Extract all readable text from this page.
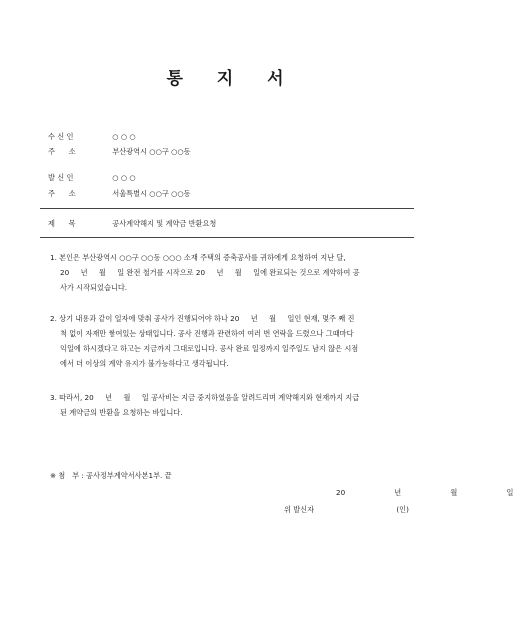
통 지 서
수 신 인	○ ○ ○
주      소	부산광역시 ○○구 ○○동
발 신 인	○ ○ ○
주      소	서울특별시 ○○구 ○○동
제      목	공사계약해지 및 계약금 반환요청
1. 본인은 부산광역시 ○○구 ○○동 ○○○ 소재 주택의 증축공사를 귀하에게 요청하여 지난 달,
20     년     월     일 완전 철거를 시작으로 20     년     월     일에 완료되는 것으로 계약하여 공
사가 시작되었습니다.
2. 상기 내용과 같이 일자에 맞춰 공사가 진행되어야 하나 20     년     월     일인 현재, 몇주 째 진
척 없이 자재만 쌓여있는 상태입니다. 공사 진행과 관련하여 여러 번 연락을 드렸으나 그때마다
익일에 하시겠다고 하고는 지금까지 그대로입니다. 공사 완료 일정까지 일주일도 남지 않은 시점
에서 더 이상의 계약 유지가 불가능하다고 생각됩니다.
3. 따라서, 20     년     월     일 공사비는 지금 중지하였음을 알려드리며 계약해지와 현재까지 지급
된 계약금의 반환을 요청하는 바입니다.
※ 첨   부 : 공사정부계약서사본1부. 끝
20    년    월    일
위 발신자	(인)
